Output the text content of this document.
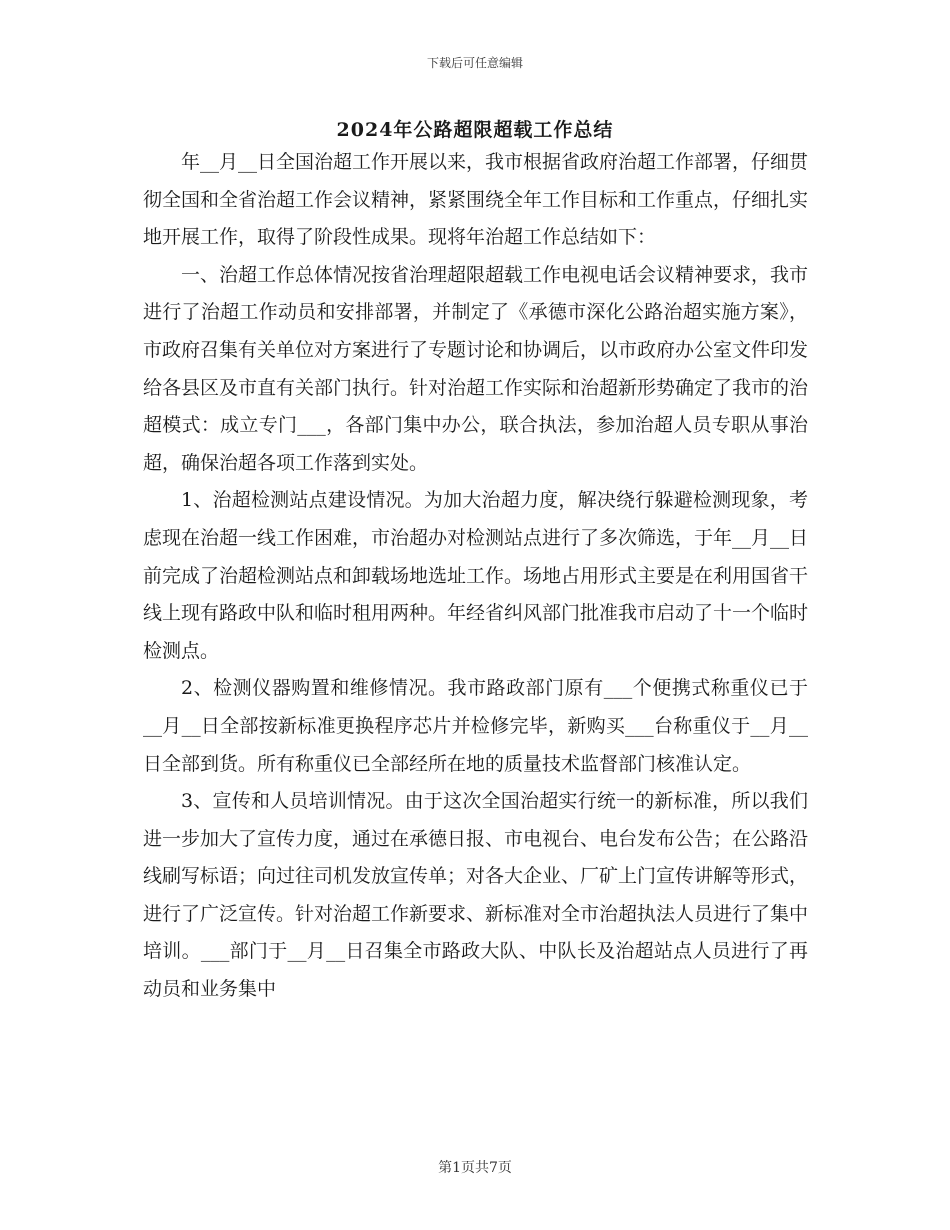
下载后可任意编辑
2024年公路超限超载工作总结

年__月__日全国治超工作开展以来，我市根据省政府治超工作部署，仔细贯彻全国和全省治超工作会议精神，紧紧围绕全年工作目标和工作重点，仔细扎实地开展工作，取得了阶段性成果。现将年治超工作总结如下：

一、治超工作总体情况按省治理超限超载工作电视电话会议精神要求，我市进行了治超工作动员和安排部署，并制定了《承德市深化公路治超实施方案》，市政府召集有关单位对方案进行了专题讨论和协调后，以市政府办公室文件印发给各县区及市直有关部门执行。针对治超工作实际和治超新形势确定了我市的治超模式：成立专门___，各部门集中办公，联合执法，参加治超人员专职从事治超，确保治超各项工作落到实处。

1、治超检测站点建设情况。为加大治超力度，解决绕行躲避检测现象，考虑现在治超一线工作困难，市治超办对检测站点进行了多次筛选，于年__月__日前完成了治超检测站点和卸载场地选址工作。场地占用形式主要是在利用国省干线上现有路政中队和临时租用两种。年经省纠风部门批准我市启动了十一个临时检测点。

2、检测仪器购置和维修情况。我市路政部门原有___个便携式称重仪已于__月__日全部按新标准更换程序芯片并检修完毕，新购买___台称重仪于__月__日全部到货。所有称重仪已全部经所在地的质量技术监督部门核准认定。

3、宣传和人员培训情况。由于这次全国治超实行统一的新标准，所以我们进一步加大了宣传力度，通过在承德日报、市电视台、电台发布公告；在公路沿线刷写标语；向过往司机发放宣传单；对各大企业、厂矿上门宣传讲解等形式，进行了广泛宣传。针对治超工作新要求、新标准对全市治超执法人员进行了集中培训。___部门于__月__日召集全市路政大队、中队长及治超站点人员进行了再动员和业务集中

第1页共7页
